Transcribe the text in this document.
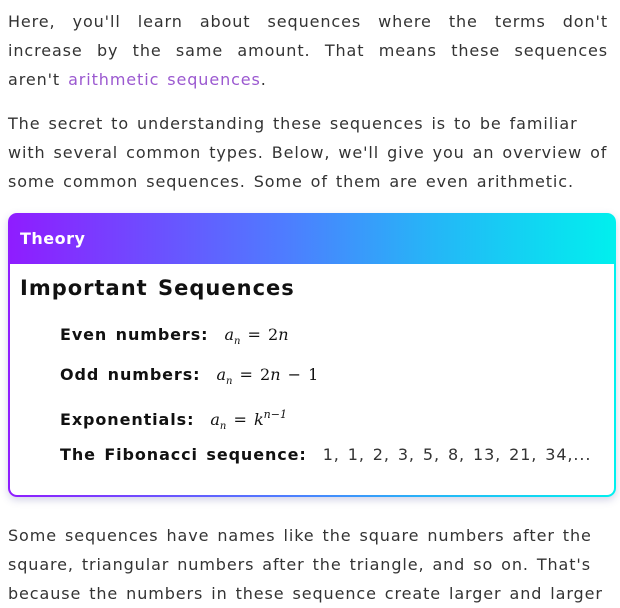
Here, you'll learn about sequences where the terms don't increase by the same amount. That means these sequences aren't arithmetic sequences.

The secret to understanding these sequences is to be familiar with several common types. Below, we'll give you an overview of some common sequences. Some of them are even arithmetic.

Theory
Important Sequences
Even numbers: $a_n = 2n$
Odd numbers: $a_n = 2n - 1$
Exponentials: $a_n = k^{n-1}$
The Fibonacci sequence: 1, 1, 2, 3, 5, 8, 13, 21, 34,...

Some sequences have names like the square numbers after the square, triangular numbers after the triangle, and so on. That's because the numbers in these sequence create larger and larger
